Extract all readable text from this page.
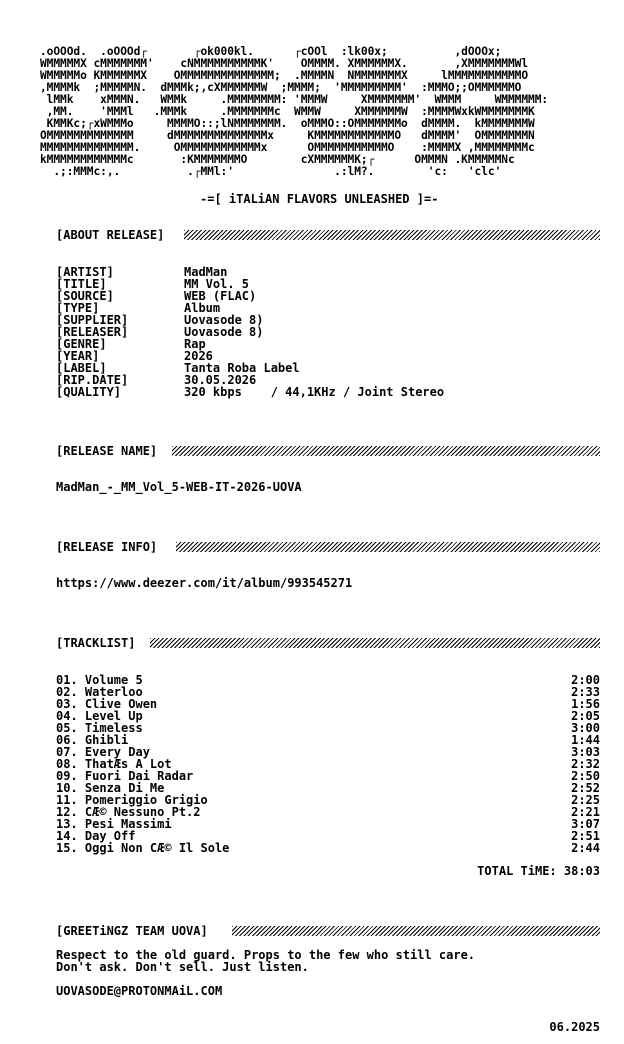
.oOOOd.  .oOOOd┌       ┌ok000kl.      ┌cOOl  :lk00x;          ,dOOOx;
WMMMMMX cMMMMMMM'    cNMMMMMMMMMMK'    OMMMM. XMMMMMMX.       ,XMMMMMMMWl
WMMMMMo KMMMMMMX    OMMMMMMMMMMMMMM;  .MMMMN  NMMMMMMMX     lMMMMMMMMMMMO
,MMMMk  ;MMMMMN.  dMMMk;,cXMMMMMMW  ;MMMM;  'MMMMMMMMM'  :MMMO;;OMMMMMMO
lMMk    xMMMN.   WMMk     .MMMMMMMM: 'MMMW     XMMMMMMM'  WMMM     WMMMMMM:
,MM.    'MMMl   .MMMk     .MMMMMMMc  WMMW     XMMMMMMW  :MMMMWxkWMMMMMMMK
KMMKc;┌xWMMMo     MMMMO::;lNMMMMMMM.  oMMMO::OMMMMMMMo  dMMMM.  kMMMMMMMW
OMMMMMMMMMMMMM     dMMMMMMMMMMMMMMx     KMMMMMMMMMMMMO   dMMMM'  OMMMMMMMN
MMMMMMMMMMMMMM.     OMMMMMMMMMMMMx      OMMMMMMMMMMMO    :MMMMX ,MMMMMMMMc
kMMMMMMMMMMMMc       :KMMMMMMMO        cXMMMMMMK;┌      OMMMN .KMMMMMNc
.;:MMMc:,.          .┌MMl:'               .:lM?.        'c:   'clc'
-=[ iTALiAN FLAVORS UNLEASHED ]=-
[ABOUT RELEASE]
[ARTIST]	MadMan
[TITLE]	MM Vol. 5
[SOURCE]	WEB (FLAC)
[TYPE]	Album
[SUPPLIER]	Uovasode 8)
[RELEASER]	Uovasode 8)
[GENRE]	Rap
[YEAR]	2026
[LABEL]	Tanta Roba Label
[RIP.DATE]	30.05.2026
[QUALITY]	320 kbps    / 44,1KHz / Joint Stereo
[RELEASE NAME]
MadMan_-_MM_Vol_5-WEB-IT-2026-UOVA
[RELEASE INFO]
https://www.deezer.com/it/album/993545271
[TRACKLIST]
01. Volume 5	2:00
02. Waterloo	2:33
03. Clive Owen	1:56
04. Level Up	2:05
05. Timeless	3:00
06. Ghibli	1:44
07. Every Day	3:03
08. ThatÆs A Lot	2:32
09. Fuori Dai Radar	2:50
10. Senza Di Me	2:52
11. Pomeriggio Grigio	2:25
12. CÆ© Nessuno Pt.2	2:21
13. Pesi Massimi	3:07
14. Day Off	2:51
15. Oggi Non CÆ© Il Sole	2:44
TOTAL TiME: 38:03
[GREETiNGZ TEAM UOVA]
Respect to the old guard. Props to the few who still care.
Don't ask. Don't sell. Just listen.
UOVASODE@PROTONMAiL.COM
06.2025
